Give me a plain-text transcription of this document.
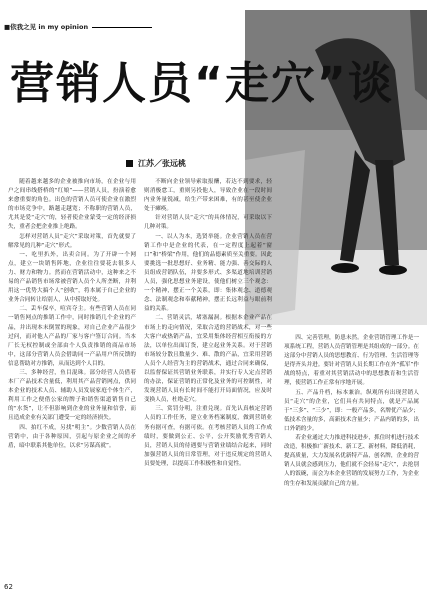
■依我之见 in my opinion
营销人员“走穴”谈
江苏／张远桃

随着越来越多的企业被推向市场，在企业与用户之间串线搭桥的“红娘”——营销人员，扮演着愈来愈重要的角色。出色的营销人员可使企业在激烈的市场竞争中，路越走越宽；不称职的营销人员，尤其是爱“走穴”的，轻者使企业蒙受一定的经济损失，重者会把企业推上绝路。

怎样对营销人员“走穴”采取对策，首先就要了解常见的几种“走穴”形式。

一、吃里扒外，出卖合同。为了开辟一个网点，建立一块销售阵地，企业往往要花去很多人力、财力和物力。然而在营销活动中，这种来之不易的产品销售市场常被营销人员个人所垄断，并利用这一优势大搞个人“创收”，将本属于自己企业的业务合同转让给别人，从中捞取好处。

二、丢车保卒，喧宾夺主。有些营销人员在同一销售网点的推销工作中，同时推销几个企业的产品，并出现本末倒置的现象，对自己企业产品很少过问，而对他人产品的厂家与客户签订合同。当本厂长无权控制或全部由个人负责推销的商品市场中，这部分营销人员会借助同一产品用户所反馈的信息帮助对方推销，从而达到个人目的。

三、多种经营，鱼目混珠。部分经营人员借着本厂产品技术含量低，利用其产品营销网点，供同本企业的技术人员、辅助人员发展家庭个体生产，利用工作之便借公家的牌子和销售渠道销售自己的“水货”，让不但影响到企业的业务量和信誉，而且造成企业有关部门遭受一定的经济损失。

四、拍红不成，另找“明主”。少数营销人员在营销中，由于各种原因，引起与原企业之间的矛盾，暗中联系其他单位，以求“另谋高就”。

不断向企业领导索取报酬，若达不到要求，轻则消极怠工，重则另投他人，导致企业在一段时间内业务量锐减，给生产带来困难，有的甚至使企业处于瘫痪。

针对营销人员“走穴”的具体情况，可采取以下几种对策。

一、以人为本，选贤举能。企业营销人员在营销工作中是企业的代表，在一定程度上起着“窗口”和“桥梁”作用，他们的品德素质至关重要。因此要挑选一批思想好、业务精、能力强、善交际的人员组成营销队伍，并要多形式、多渠道地培训营销人员，强化思想业务建设，使他们树立三个观念：一个精神，摆正一个关系，即：集体观念、道德观念、法制观念和奉献精神，摆正长远利益与眼前利益的关系。

二、营销灵活，堵塞漏洞。根据本企业产品在市场上的走向情况，采取合适的营销战术，对一些大客户或热销产品，宜采用集体经营相互衔接的方法，以单位出面订货，建立起业务关系。对于营销市场较分散且数量少、难、散的产品，宜采用营销人员个人经营为主的营销战术，通过合同来确保，以监督保证其营销业务联系，并实行专人定点营销的办法，保证营销的正常化及业务的可控制性，对发现营销人员有长时间不能打开局面情况，应及时变换人员，杜绝走穴。

三、赏罚分明，注重兑现。首先认真核定营销人员的工作任务，建立业务档案制度，做到营销业务有据可查，有据可依。在考核营销人员的工作成绩时，要做到公正、公平，公开奖励优秀营销人员，营销人员的待遇要与营销业绩结合起来，同时加强营销人员的日常管理，对于违反规定的营销人员要处理，以提高工作积极性和自觉性。

四、完善管理，防患未然。企业营销管理工作是一项系统工程，营销人员营销管理是其组成的一部分。在这部分中营销人员的思想教育、行为管理、生活管理等是得齐头并进。要针对营销人员长期工作在外“孤军”作战的特点，着重对其营销活动中的思想教育和生活管理，使营销工作正常有序地开展。

五、产品升档，标本兼治。纵观所有出现营销人员“走穴”的企业，它们具有共同特点，就是产品属于“三多”、“三少”，即：一般产品多，名牌优产品少；低技术含量的多，高新技术含量少；产品内销的多，出口外销的少。

若企业通过大力推进科技进步，抓住时机进行技术改造，积极推广新技术、新工艺、新材料，降低消耗，提高质量，大力发展名优新特产品，创名牌，企业的营销人员就会感到压力，他们就不会轻易“走穴”，去抢别人的饭碗，而会为本企业营销的发展努力工作，为企业的生存和发展贡献自己的力量。

62
